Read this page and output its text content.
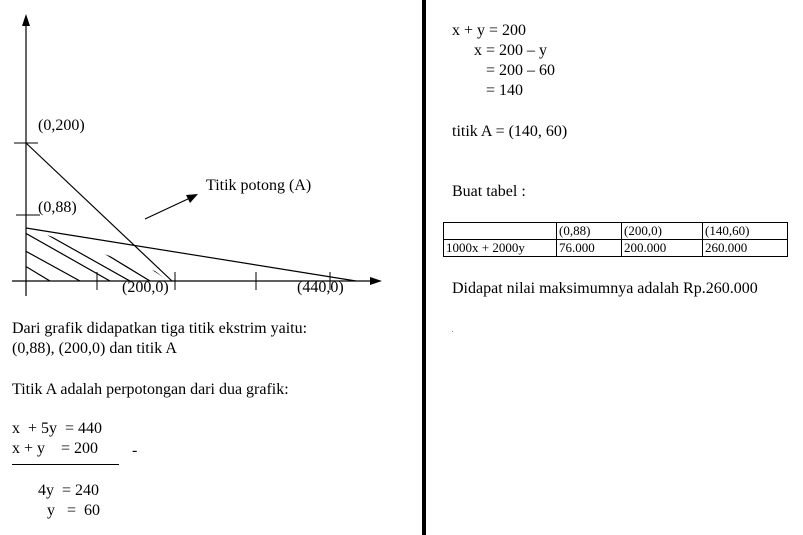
(0,200)
(0,88)
(200,0)	(440,0)
Titik potong (A)
Dari grafik didapatkan tiga titik ekstrim yaitu:
(0,88), (200,0) dan titik A
Titik A adalah perpotongan dari dua grafik:
x  + 5y  = 440
x + y    = 200 -
4y  = 240
y   =  60
x + y = 200
x = 200 – y
= 200 – 60
= 140
titik A = (140, 60)
Buat tabel :
	(0,88)	(200,0)	(140,60)
1000x + 2000y	76.000	200.000	260.000
Didapat nilai maksimumnya adalah Rp.260.000
